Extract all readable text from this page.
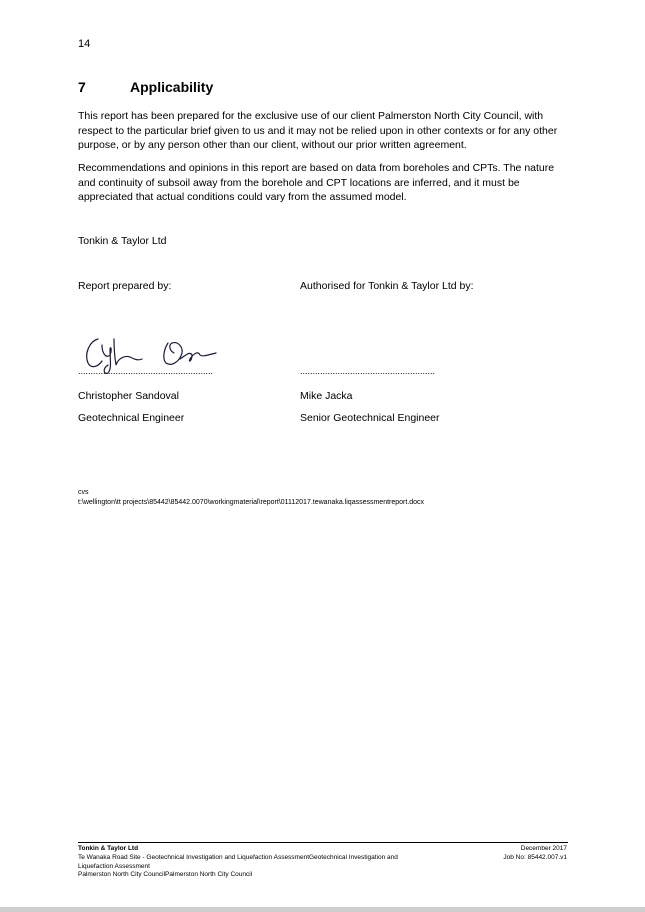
14
7	Applicability
This report has been prepared for the exclusive use of our client Palmerston North City Council, with respect to the particular brief given to us and it may not be relied upon in other contexts or for any other purpose, or by any person other than our client, without our prior written agreement.
Recommendations and opinions in this report are based on data from boreholes and CPTs. The nature and continuity of subsoil away from the borehole and CPT locations are inferred, and it must be appreciated that actual conditions could vary from the assumed model.
Tonkin & Taylor Ltd
Report prepared by:	Authorised for Tonkin & Taylor Ltd by:
......................................................	......................................................
Christopher Sandoval	Mike Jacka
Geotechnical Engineer	Senior Geotechnical Engineer
cvs
t:\wellington\tt projects\85442\85442.0070\workingmaterial\report\01112017.tewanaka.liqassessmentreport.docx
Tonkin & Taylor Ltd
Te Wanaka Road Site - Geotechnical Investigation and Liquefaction AssessmentGeotechnical Investigation and
Liquefaction Assessment
Palmerston North City CouncilPalmerston North City Council
December 2017
Job No: 85442.007.v1
